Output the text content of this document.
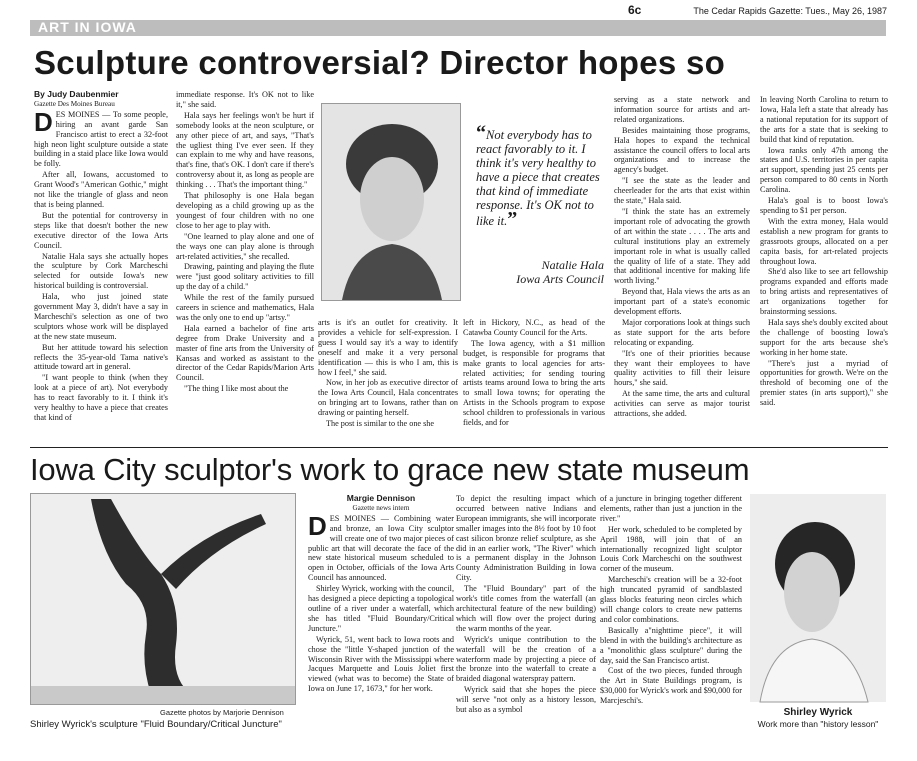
6c	The Cedar Rapids Gazette: Tues., May 26, 1987
ART IN IOWA
Sculpture controversial? Director hopes so
By Judy Daubenmier
Gazette Des Moines Bureau

DES MOINES — To some people, hiring an avant garde San Francisco artist to erect a 32-foot high neon light sculpture outside a state building in a staid place like Iowa would be folly.

After all, Iowans, accustomed to Grant Wood's "American Gothic," might not like the triangle of glass and neon that is being planned.

But the potential for controversy in steps like that doesn't bother the new executive director of the Iowa Arts Council.

Natalie Hala says she actually hopes the sculpture by Cork Marcheschi selected for outside Iowa's new historical building is controversial.

Hala, who just joined state government May 3, didn't have a say in Marcheschi's selection as one of two sculptors whose work will be displayed at the new state museum.

But her attitude toward his selection reflects the 35-year-old Tama native's attitude toward art in general.

"I want people to think (when they look at a piece of art). Not everybody has to react favorably to it. I think it's very healthy to have a piece that creates that kind of

immediate response. It's OK not to like it," she said.

Hala says her feelings won't be hurt if somebody looks at the neon sculpture, or any other piece of art, and says, "That's the ugliest thing I've ever seen. If they can explain to me why and have reasons, that's fine, that's OK. I don't care if there's controversy about it, as long as people are thinking . . . That's the important thing."

That philosophy is one Hala began developing as a child growing up as the youngest of four children with no one close to her age to play with.

"One learned to play alone and one of the ways one can play alone is through art-related activities," she recalled.

Drawing, painting and playing the flute were "just good solitary activities to fill up the day of a child."

While the rest of the family pursued careers in science and mathematics, Hala was the only one to end up "artsy."

Hala earned a bachelor of fine arts degree from Drake University and a master of fine arts from the University of Kansas and worked as assistant to the director of the Cedar Rapids/Marion Arts Council.

"The thing I like most about the

“Not everybody has to react favorably to it. I think it's very healthy to have a piece that creates that kind of immediate response. It's OK not to like it.”
Natalie Hala
Iowa Arts Council

arts is it's an outlet for creativity. It provides a vehicle for self-expression. I guess I would say it's a way to identify oneself and make it a very personal identification — this is who I am, this is how I feel," she said.

Now, in her job as executive director of the Iowa Arts Council, Hala concentrates on bringing art to Iowans, rather than on drawing or painting herself.

The post is similar to the one she

left in Hickory, N.C., as head of the Catawba County Council for the Arts.

The Iowa agency, with a $1 million budget, is responsible for programs that make grants to local agencies for arts-related activities; for sending touring artists teams around Iowa to bring the arts to small Iowa towns; for operating the Artists in the Schools program to expose school children to professionals in various fields, and for

serving as a state network and information source for artists and art-related organizations.

Besides maintaining those programs, Hala hopes to expand the technical assistance the council offers to local arts organizations and to increase the agency's budget.

"I see the state as the leader and cheerleader for the arts that exist within the state," Hala said.

"I think the state has an extremely important role of advocating the growth of art within the state . . . . The arts and cultural institutions play an extremely important role in what is usually called the quality of life of a state. They add that additional incentive for making life worth living."

Beyond that, Hala views the arts as an important part of a state's economic development efforts.

Major corporations look at things such as state support for the arts before relocating or expanding.

"It's one of their priorities because they want their employees to have quality activities to fill their leisure hours," she said.

At the same time, the arts and cultural activities can serve as major tourist attractions, she added.

In leaving North Carolina to return to Iowa, Hala left a state that already has a national reputation for its support of the arts for a state that is seeking to build that kind of reputation.

Iowa ranks only 47th among the states and U.S. territories in per capita art support, spending just 25 cents per person compared to 80 cents in North Carolina.

Hala's goal is to boost Iowa's spending to $1 per person.

With the extra money, Hala would establish a new program for grants to grassroots groups, allocated on a per capita basis, for art-related projects throughout Iowa.

She'd also like to see art fellowship programs expanded and efforts made to bring artists and representatives of art organizations together for brainstorming sessions.

Hala says she's doubly excited about the challenge of boosting Iowa's support for the arts because she's working in her home state.

"There's just a myriad of opportunities for growth. We're on the threshold of becoming one of the premier states (in arts support)," she said.

Iowa City sculptor's work to grace new state museum
Gazette photos by Marjorie Dennison
Shirley Wyrick's sculpture "Fluid Boundary/Critical Juncture"
Margie Dennison
Gazette news intern

DES MOINES — Combining water and bronze, an Iowa City sculptor will create one of two major pieces of public art that will decorate the face of the new state historical museum scheduled to open in October, officials of the Iowa Arts Council has announced.

Shirley Wyrick, working with the council, has designed a piece depicting a topological outline of a river under a waterfall, which she has titled "Fluid Boundary/Critical Juncture."

Wyrick, 51, went back to Iowa roots and chose the "little Y-shaped junction of the Wisconsin River with the Mississippi where Jacques Marquette and Louis Joliet first viewed (what was to become) the State of Iowa on June 17, 1673," for her work.

To depict the resulting impact which occurred between native Indians and European immigrants, she will incorporate smaller images into the 8½ foot by 10 foot cast silicon bronze relief sculpture, as she did in an earlier work, "The River" which is a permanent display in the Johnson County Administration Building in Iowa City.

The "Fluid Boundary" part of the work's title comes from the waterfall (an architectural feature of the new building) which will flow over the project during the warm months of the year.

Wyrick's unique contribution to the waterfall will be the creation of a waterform made by projecting a piece of the bronze into the waterfall to create a braided diagonal waterspray pattern.

Wyrick said that she hopes the piece will serve "not only as a history lesson, but also as a symbol

of a juncture in bringing together different elements, rather than just a junction in the river."

Her work, scheduled to be completed by April 1988, will join that of an internationally recognized light sculptor Louis Cork Marcheschi on the southwest corner of the museum.

Marcheschi's creation will be a 32-foot high truncated pyramid of sandblasted glass blocks featuring neon circles which will change colors to create new patterns and color combinations.

Basically a"nighttime piece", it will blend in with the building's architecture as a "monolithic glass sculpture" during the day, said the San Francisco artist.

Cost of the two pieces, funded through the Art in State Buildings program, is $30,000 for Wyrick's work and $90,000 for Marcjeschi's.

Shirley Wyrick
Work more than "history lesson"
